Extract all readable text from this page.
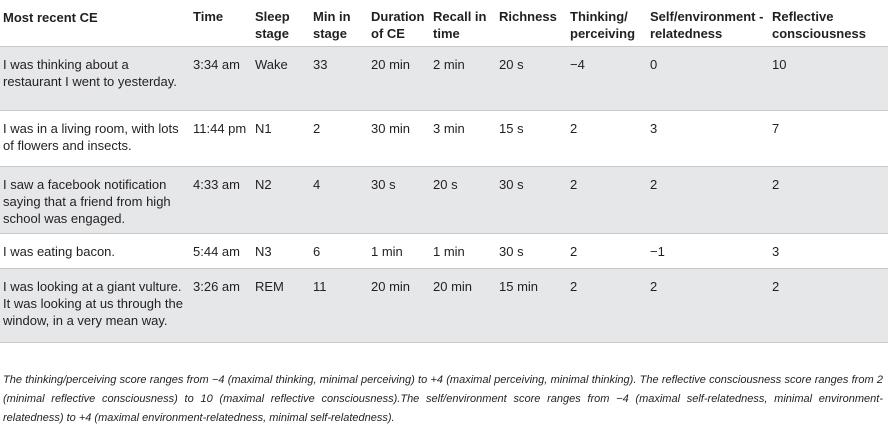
Most recent CE	Time	Sleep stage	Min in stage	Duration of CE	Recall in time	Richness	Thinking/ perceiving	Self/environment -relatedness	Reflective consciousness
I was thinking about a restaurant I went to yesterday.	3:34 am	Wake	33	20 min	2 min	20 s	−4	0	10
I was in a living room, with lots of flowers and insects.	11:44 pm	N1	2	30 min	3 min	15 s	2	3	7
I saw a facebook notification saying that a friend from high school was engaged.	4:33 am	N2	4	30 s	20 s	30 s	2	2	2
I was eating bacon.	5:44 am	N3	6	1 min	1 min	30 s	2	−1	3
I was looking at a giant vulture. It was looking at us through the window, in a very mean way.	3:26 am	REM	11	20 min	20 min	15 min	2	2	2
The thinking/perceiving score ranges from −4 (maximal thinking, minimal perceiving) to +4 (maximal perceiving, minimal thinking). The reflective consciousness score ranges from 2 (minimal reflective consciousness) to 10 (maximal reflective consciousness).The self/environment score ranges from −4 (maximal self-relatedness, minimal environment-relatedness) to +4 (maximal environment-relatedness, minimal self-relatedness).
